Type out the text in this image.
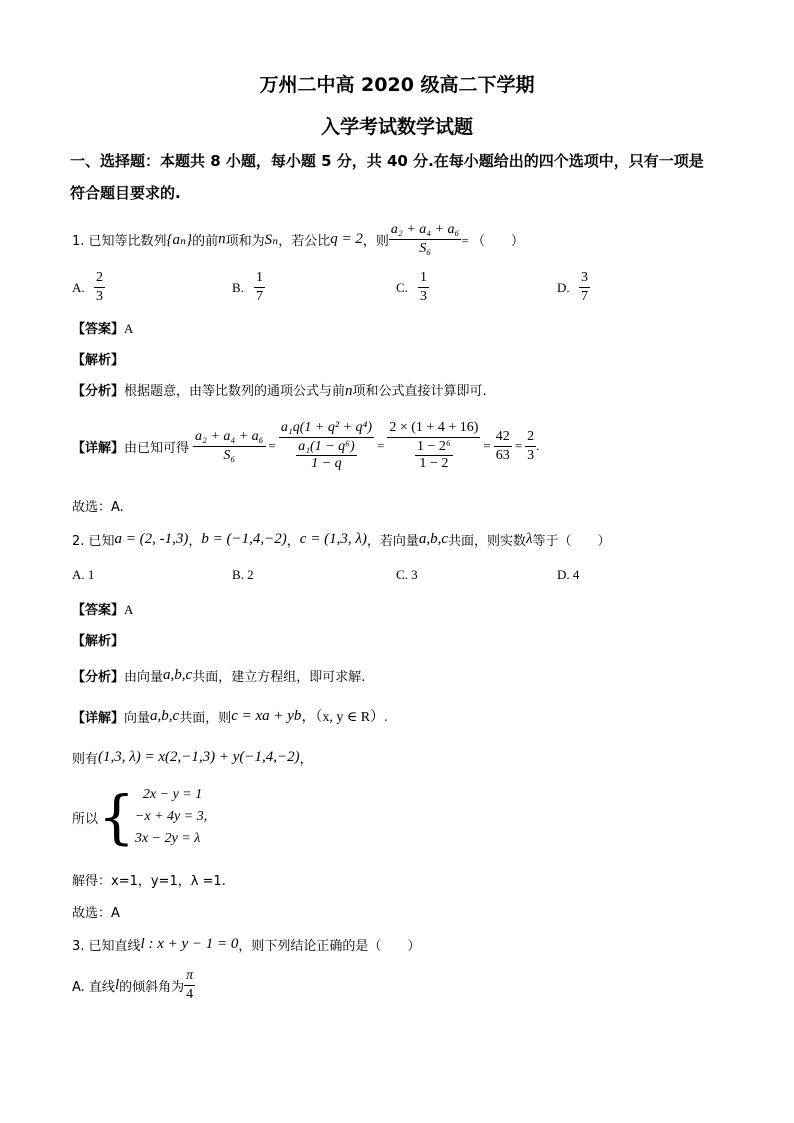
万州二中高 2020 级高二下学期
入学考试数学试题
一、选择题：本题共 8 小题，每小题 5 分，共 40 分.在每小题给出的四个选项中，只有一项是
符合题目要求的.
1. 已知等比数列 {aₙ} 的前 n 项和为 Sₙ ，若公比 q = 2 ，则 $\frac{\text{a₂ + a₄ + a₆}}{\text{S₆}}$ = （　　）
A. $\frac{2}{3}$	B. $\frac{1}{7}$	C. $\frac{1}{3}$	D. $\frac{3}{7}$
【答案】A
【解析】
【分析】根据题意，由等比数列的通项公式与前n项和公式直接计算即可.
【详解】 由已知可得 $\frac{\text{a₂ + a₄ + a₆}}{\text{S₆}} = \frac{\text{a₁q(1 + q² + q⁴)}}{\frac{\text{a₁(1 − q⁶)}}{1 - q}} = \frac{2 \times (1 + 4 + 16)}{\frac{\text{1 − 2⁶}}{1 - 2}} = \frac{42}{63} = \frac{2}{3}$ .
故选：A.
2. 已知 a = (2, -1,3) ， b = (−1,4,−2) ， c = (1,3, λ) ，若向量 a,b,c 共面，则实数 λ 等于（　　）
A. 1	B. 2	C. 3	D. 4
【答案】A
【解析】
【分析】 由向量 a,b,c 共面，建立方程组，即可求解.
【详解】 向量 a,b,c 共面，则 c = xa + yb ，（x, y ∈ R）.
则有 (1,3, λ) = x(2,−1,3) + y(−1,4,−2) ，
所以 { 2x − y = 1
−x + 4y = 3,
3x − 2y = λ
解得：x=1，y=1，λ =1.
故选：A
3. 已知直线 l : x + y − 1 = 0 ，则下列结论正确的是（　　）
A. 直线 l 的倾斜角为 $\frac{\pi}{4}$
